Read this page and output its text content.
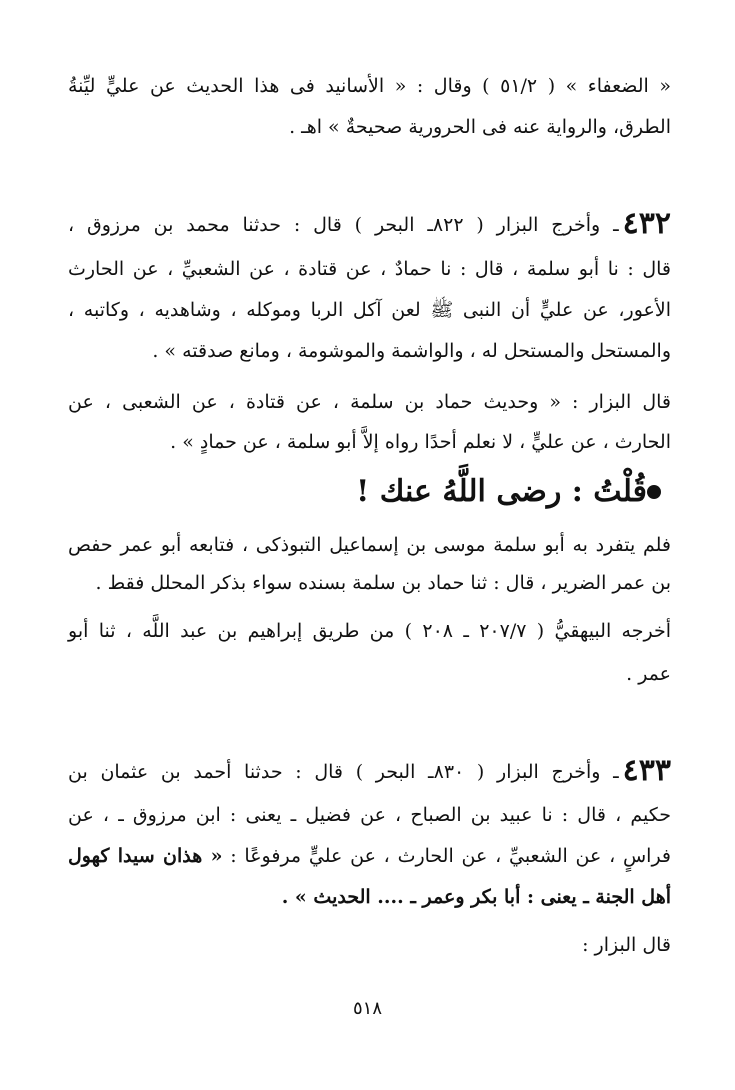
« الضعفاء » ( ٥١/٢ ) وقال : « الأسانيد فى هذا الحديث عن عليٍّ ليِّنةُ
الطرق، والرواية عنه فى الحرورية صحيحةٌ » اهـ .
٤٣٢ـ وأخرج البزار ( ٨٢٢ـ البحر ) قال : حدثنا محمد بن مرزوق ،
قال : نا أبو سلمة ، قال : نا حمادٌ ، عن قتادة ، عن الشعبيِّ ، عن الحارث
الأعور، عن عليٍّ أن النبى ﷺ لعن آكل الربا وموكله ، وشاهديه ، وكاتبه ،
والمستحل والمستحل له ، والواشمة والموشومة ، ومانع صدقته » .
قال البزار : « وحديث حماد بن سلمة ، عن قتادة ، عن الشعبى ، عن
الحارث ، عن عليٍّ ، لا نعلم أحدًا رواه إلاَّ أبو سلمة ، عن حمادٍ » .
قُلْتُ : رضى اللَّهُ عنك !
فلم يتفرد به أبو سلمة موسى بن إسماعيل التبوذكى ، فتابعه أبو عمر حفص
بن عمر الضرير ، قال : ثنا حماد بن سلمة بسنده سواء بذكر المحلل فقط .
أخرجه البيهقيُّ ( ٢٠٧/٧ ـ ٢٠٨ ) من طريق إبراهيم بن عبد اللَّه ، ثنا أبو
عمر .
٤٣٣ـ وأخرج البزار ( ٨٣٠ـ البحر ) قال : حدثنا أحمد بن عثمان بن
حكيم ، قال : نا عبيد بن الصباح ، عن فضيل ـ يعنى : ابن مرزوق ـ ، عن
فراسٍ ، عن الشعبيِّ ، عن الحارث ، عن عليٍّ مرفوعًا : « هذان سيدا كهول
أهل الجنة ـ يعنى : أبا بكر وعمر ـ .... الحديث » .
قال البزار :
٥١٨
